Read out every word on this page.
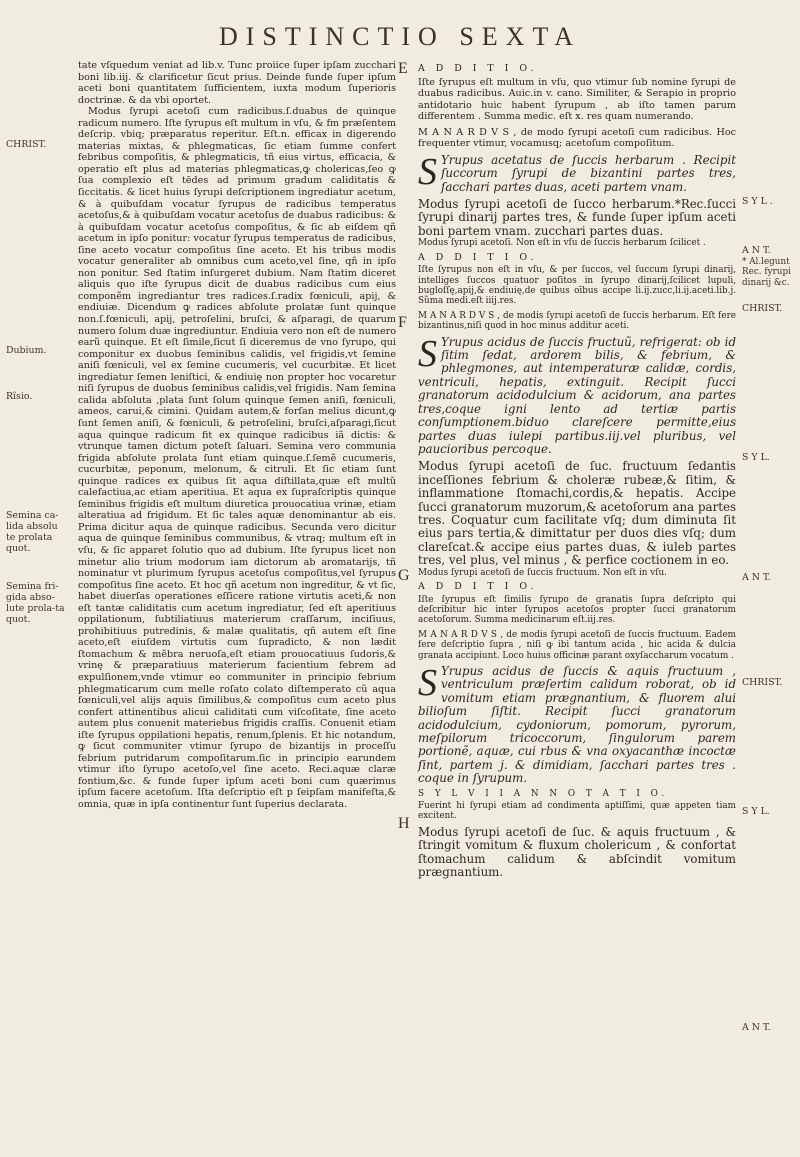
DISTINCTIO SEXTA
E
F
G
H
CHRIST.
Dubium.
Rîsio.
Semina ca-lida absolu te prolata quot.
Semina fri-gida abso-lute prola-ta quot.
S Y L .
A N T.
* Al.legunt Rec. fyrupi dinarij &c.
CHRIST.
S Y L.
A N T.
CHRIST.
S Y L.
A N T.

tate vſquedum veniat ad lib.v. Tunc proiice ſuper ipſam zucchari boni lib.iij. & clarificetur ſicut prius. Deinde funde ſuper ipſum aceti boni quantitatem ſufficientem, iuxta modum ſuperioris doctrinæ. & da vbi oportet.

Modus ſyrupi acetoſi cum radicibus.ſ.duabus de quinque radicum numero. Iſte ſyrupus eſt multum in vſu, & fm præſentem deſcrip. vbiq; præparatus reperitur. Eſt.n. efficax in digerendo materias mixtas, & phlegmaticas, ſic etiam ſumme confert febribus compoſitis, & phlegmaticis, tñ eius virtus, efficacia, & operatio eſt plus ad materias phlegmaticas,ꝙ cholericas,ſeo ꝙ ſua complexio eſt tēdes ad primum gradum caliditatis & ſiccitatis. & licet huius ſyrupi deſcriptionem ingrediatur acetum, & à quibuſdam vocatur ſyrupus de radicibus temperatus acetoſus,& à quibuſdam vocatur acetoſus de duabus radicibus: & à quibuſdam vocatur acetoſus compoſitus, & ſic ab eiſdem qñ acetum in ipſo ponitur: vocatur ſyrupus temperatus de radicibus, ſine aceto vocatur compoſitus ſine aceto. Et his tribus modis vocatur generaliter ab omnibus cum aceto,vel ſine, qñ in ipſo non ponitur. Sed ſtatim inſurgeret dubium. Nam ſtatim diceret aliquis quo iſte ſyrupus dicit de duabus radicibus cum eius componẽm ingrediantur tres radices.ſ.radix fœniculi, apij, & endiuiæ. Dicendum ꝙ radices abſolute prolatæ ſunt quinque non.ſ.fœniculi, apij, petroſelini, bruſci, & aſparagi, de quarum numero ſolum duæ ingrediuntur. Endiuia vero non eſt de numero earũ quinque. Et eſt ſimile,ſicut ſi diceremus de vno ſyrupo, qui componitur ex duobus ſeminibus calidis, vel frigidis,vt ſemine aniſi fœniculi, vel ex ſemine cucumeris, vel cucurbitæ. Et licet ingrediatur ſemen leniſtici, & endiuię non propter hoc vocaretur niſi ſyrupus de duobus ſeminibus calidis,vel frigidis. Nam ſemina calida abſoluta ,plata ſunt ſolum quinque ſemen aniſi, fœniculi, ameos, carui,& cimini. Quidam autem,& forſan melius dicunt,ꝙ ſunt ſemen aniſi, & fœniculi, & petroſelini, bruſci,aſparagi,ſicut aqua quinque radicum fit ex quinque radicibus iã dictis: & vtrunque tamen dictum poteſt ſaluari. Semina vero communia frigida abſolute prolata ſunt etiam quinque.ſ.ſemẽ cucumeris, cucurbitæ, peponum, melonum, & citruli. Et ſic etiam ſunt quinque radices ex quibus ſit aqua diſtillata,quæ eſt multũ calefactiua,ac etiam aperitiua. Et aqua ex ſupraſcriptis quinque ſeminibus frigidis eſt multum diuretica prouocatiua vrinæ, etiam alteratiua ad frigidum. Et ſic tales aquæ denominantur ab eis. Prima dicitur aqua de quinque radicibus. Secunda vero dicitur aqua de quinque ſeminibus communibus, & vtraq; multum eſt in vſu, & ſic apparet ſolutio quo ad dubium. Iſte ſyrupus licet non minetur alio trium modorum iam dictorum ab aromatarijs, tñ nominatur vt plurimum ſyrupus acetoſus compoſitus,vel ſyrupus compoſitus ſine aceto. Et hoc qñ acetum non ingreditur, & vt ſic, habet diuerſas operationes eſſicere ratione virtutis aceti,& non eſt tantæ caliditatis cum acetum ingrediatur, ſed eſt aperitiuus oppilationum, ſubtiliatiuus materierum craſſarum, inciſiuus, prohibitiuus putredinis, & malæ qualitatis, qñ autem eſt ſine aceto,eſt eiuſdem virtutis cum ſupradicto, & non lædit ſtomachum & mẽbra neruoſa,eſt etiam prouocatiuus ſudoris,& vrinę & præparatiuus materierum facientium febrem ad expulſionem,vnde vtimur eo communiter in principio febrium phlegmaticarum cum melle roſato colato diſtemperato cũ aqua fœniculi,vel alijs aquis ſimilibus,& compoſitus cum aceto plus confert attinentibus alicui caliditati cum viſcoſitate, ſine aceto autem plus conuenit materiebus frigidis craſſis. Conuenit etiam iſte ſyrupus oppilationi hepatis, renum,ſplenis. Et hic notandum, ꝙ ſicut communiter vtimur ſyrupo de bizantijs in proceſſu febrium putridarum compoſitarum.ſic in principio earundem vtimur iſto ſyrupo acetoſo,vel ſine aceto. Reci.aquæ claræ fontium,&c. & funde ſuper ipſum aceti boni cum quærimus ipſum facere acetoſum. Iſta deſcriptio eſt p ſeipſam manifeſta,& omnia, quæ in ipſa continentur ſunt ſuperius declarata.

A D D I T I O.

Iſte ſyrupus eſt multum in vſu, quo vtimur ſub nomine ſyrupi de duabus radicibus. Auic.in v. cano. Similiter, & Serapio in proprio antidotario huic habent ſyrupum , ab iſto tamen parum differentem . Summa medic. eſt x. res quam numerando.

M A N A R D V S , de modo ſyrupi acetoſi cum radicibus. Hoc frequenter vtimur, vocamusq; acetoſum compoſitum.

S Yrupus acetatus de ſuccis herbarum . Recipit ſuccorum ſyrupi de bizantini partes tres, ſacchari partes duas, aceti partem vnam.

Modus ſyrupi acetoſi de ſucco herbarum.*Rec.ſucci ſyrupi dinarij partes tres, & funde ſuper ipſum aceti boni partem vnam. zucchari partes duas.

Modus ſyrupi acetoſi. Non eſt in vſu de ſuccis herbarum ſcilicet .

A D D I T I O.

Iſte ſyrupus non eſt in vſu, & per ſuccos, vel ſuccum ſyrupi dinarij, intelliges ſuccos quatuor poſitos in ſyrupo dinarij,ſcilicet lupuli, bugloſſę,apij,& endiuię,de quibus oībus accipe li.ij.zucc,li.ij.aceti.lib.j. Sũma medi.eſt iiij.res.

M A N A R D V S , de modis ſyrupi acetoſi de ſuccis herbarum. Eſt fere bizantinus,niſi quod in hoc minus additur aceti.

S Yrupus acidus de ſuccis fructuũ, refrigerat: ob id ſitim ſedat, ardorem bilis, & febrium, & phlegmones, aut intemperaturæ calidæ, cordis, ventriculi, hepatis, extinguit. Recipit ſucci granatorum acidodulcium & acidorum, ana partes tres,coque igni lento ad tertiæ partis conſumptionem.biduo clareſcere permitte,eius partes duas iulepi partibus.iij.vel pluribus, vel paucioribus percoque.

Modus ſyrupi acetoſi de ſuc. fructuum ſedantis inceſſiones febrium & choleræ rubeæ,& ſitim, & inflammatione ſtomachi,cordis,& hepatis. Accipe ſucci granatorum muzorum,& acetoſorum ana partes tres. Coquatur cum facilitate vſq; dum diminuta ſit eius pars tertia,& dimittatur per duos dies vſq; dum clareſcat.& accipe eius partes duas, & iuleb partes tres, vel plus, vel minus , & perfice coctionem in eo.

Modus ſyrupi acetoſi de ſuccis fructuum. Non eſt in vſu.

A D D I T I O.

Iſte ſyrupus eſt ſimilis ſyrupo de granatis ſupra deſcripto qui deſcribitur hic inter ſyrupos acetoſos propter ſucci granatorum acetoſorum. Summa medicinarum eſt.iij.res.

M A N A R D V S , de modis ſyrupi acetoſi de ſuccis fructuum. Eadem fere deſcriptio ſupra , niſi ꝙ ibi tantum acida , hic acida & dulcia granata accipiunt. Loco huius officinæ parant oxyſaccharum vocatum .

S Yrupus acidus de ſuccis & aquis fructuum , ventriculum præſertim calidum roborat, ob id vomitum etiam prægnantium, & fluorem alui bilioſum ſiſtit. Recipit ſucci granatorum acidodulcium, cydoniorum, pomorum, pyrorum, meſpilorum tricoccorum, ſingulorum parem portionẽ, aquæ, cui rbus & vna oxyacanthæ incoctæ ſint, partem j. & dimidiam, ſacchari partes tres . coque in ſyrupum.

S Y L V I I A N N O T A T I O.

Fuerint hi ſyrupi etiam ad condimenta aptiſſimi, quæ appeten tiam excitent.

Modus ſyrupi acetoſi de ſuc. & aquis fructuum , & ſtringit vomitum & fluxum cholericum , & confortat ſtomachum calidum & abſcindit vomitum prægnantium.
